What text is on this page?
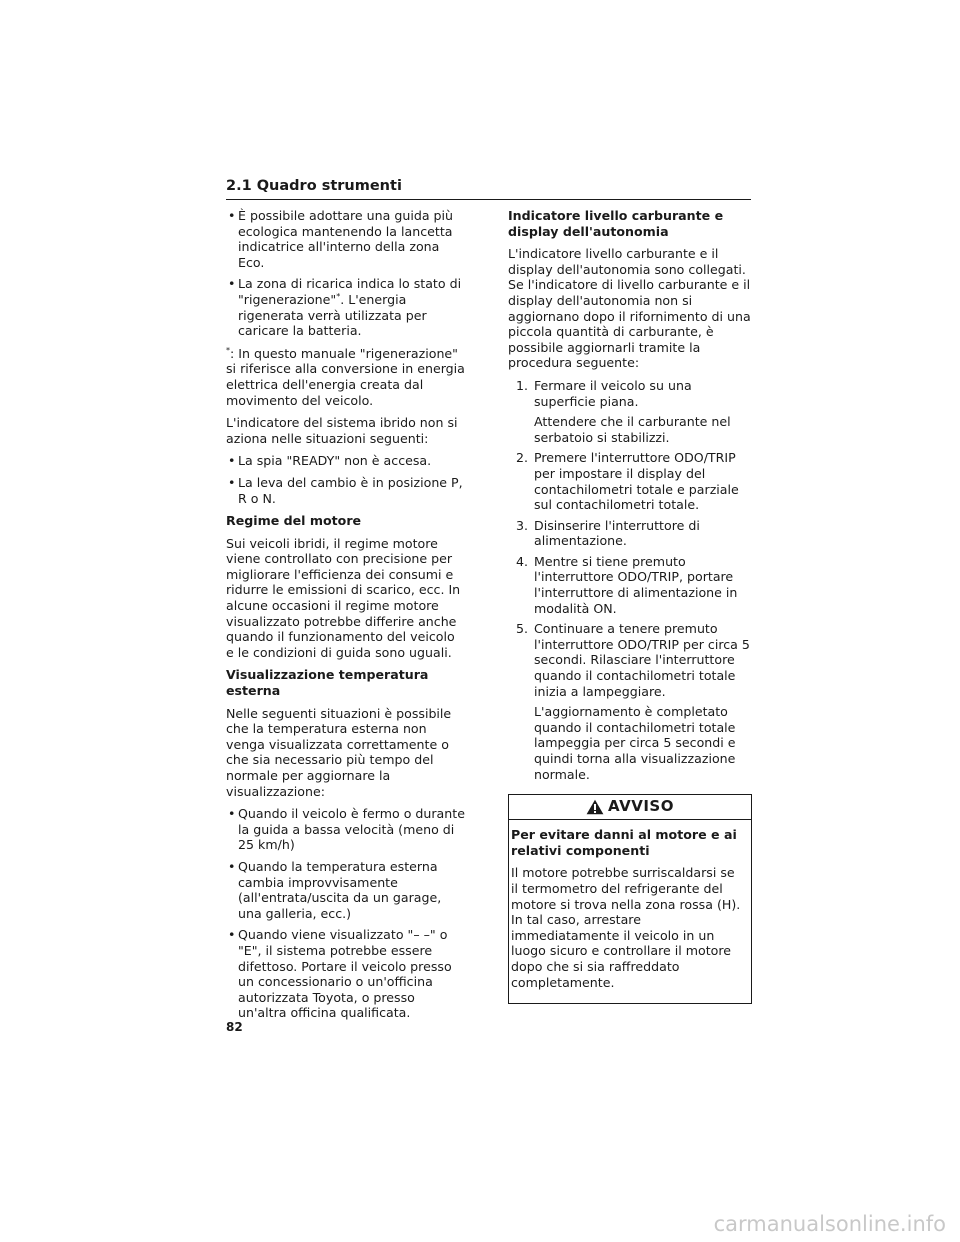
2.1 Quadro strumenti
• È possibile adottare una guida più ecologica mantenendo la lancetta indicatrice all'interno della zona Eco.
• La zona di ricarica indica lo stato di "rigenerazione"*. L'energia rigenerata verrà utilizzata per caricare la batteria.

*: In questo manuale "rigenerazione" si riferisce alla conversione in energia elettrica dell'energia creata dal movimento del veicolo.

L'indicatore del sistema ibrido non si aziona nelle situazioni seguenti:

• La spia "READY" non è accesa.
• La leva del cambio è in posizione P, R o N.

Regime del motore

Sui veicoli ibridi, il regime motore viene controllato con precisione per migliorare l'efficienza dei consumi e ridurre le emissioni di scarico, ecc. In alcune occasioni il regime motore visualizzato potrebbe differire anche quando il funzionamento del veicolo e le condizioni di guida sono uguali.

Visualizzazione temperatura esterna

Nelle seguenti situazioni è possibile che la temperatura esterna non venga visualizzata correttamente o che sia necessario più tempo del normale per aggiornare la visualizzazione:

• Quando il veicolo è fermo o durante la guida a bassa velocità (meno di 25 km/h)
• Quando la temperatura esterna cambia improvvisamente (all'entrata/uscita da un garage, una galleria, ecc.)
• Quando viene visualizzato "– –" o "E", il sistema potrebbe essere difettoso. Portare il veicolo presso un concessionario o un'officina autorizzata Toyota, o presso un'altra officina qualificata.

Indicatore livello carburante e display dell'autonomia

L'indicatore livello carburante e il display dell'autonomia sono collegati. Se l'indicatore di livello carburante e il display dell'autonomia non si aggiornano dopo il rifornimento di una piccola quantità di carburante, è possibile aggiornarli tramite la procedura seguente:

1. Fermare il veicolo su una superficie piana.
Attendere che il carburante nel serbatoio si stabilizzi.
2. Premere l'interruttore ODO/TRIP per impostare il display del contachilometri totale e parziale sul contachilometri totale.
3. Disinserire l'interruttore di alimentazione.
4. Mentre si tiene premuto l'interruttore ODO/TRIP, portare l'interruttore di alimentazione in modalità ON.
5. Continuare a tenere premuto l'interruttore ODO/TRIP per circa 5 secondi. Rilasciare l'interruttore quando il contachilometri totale inizia a lampeggiare.
L'aggiornamento è completato quando il contachilometri totale lampeggia per circa 5 secondi e quindi torna alla visualizzazione normale.
AVVISO

Per evitare danni al motore e ai relativi componenti

Il motore potrebbe surriscaldarsi se il termometro del refrigerante del motore si trova nella zona rossa (H). In tal caso, arrestare immediatamente il veicolo in un luogo sicuro e controllare il motore dopo che si sia raffreddato completamente.

82
carmanualsonline.info
